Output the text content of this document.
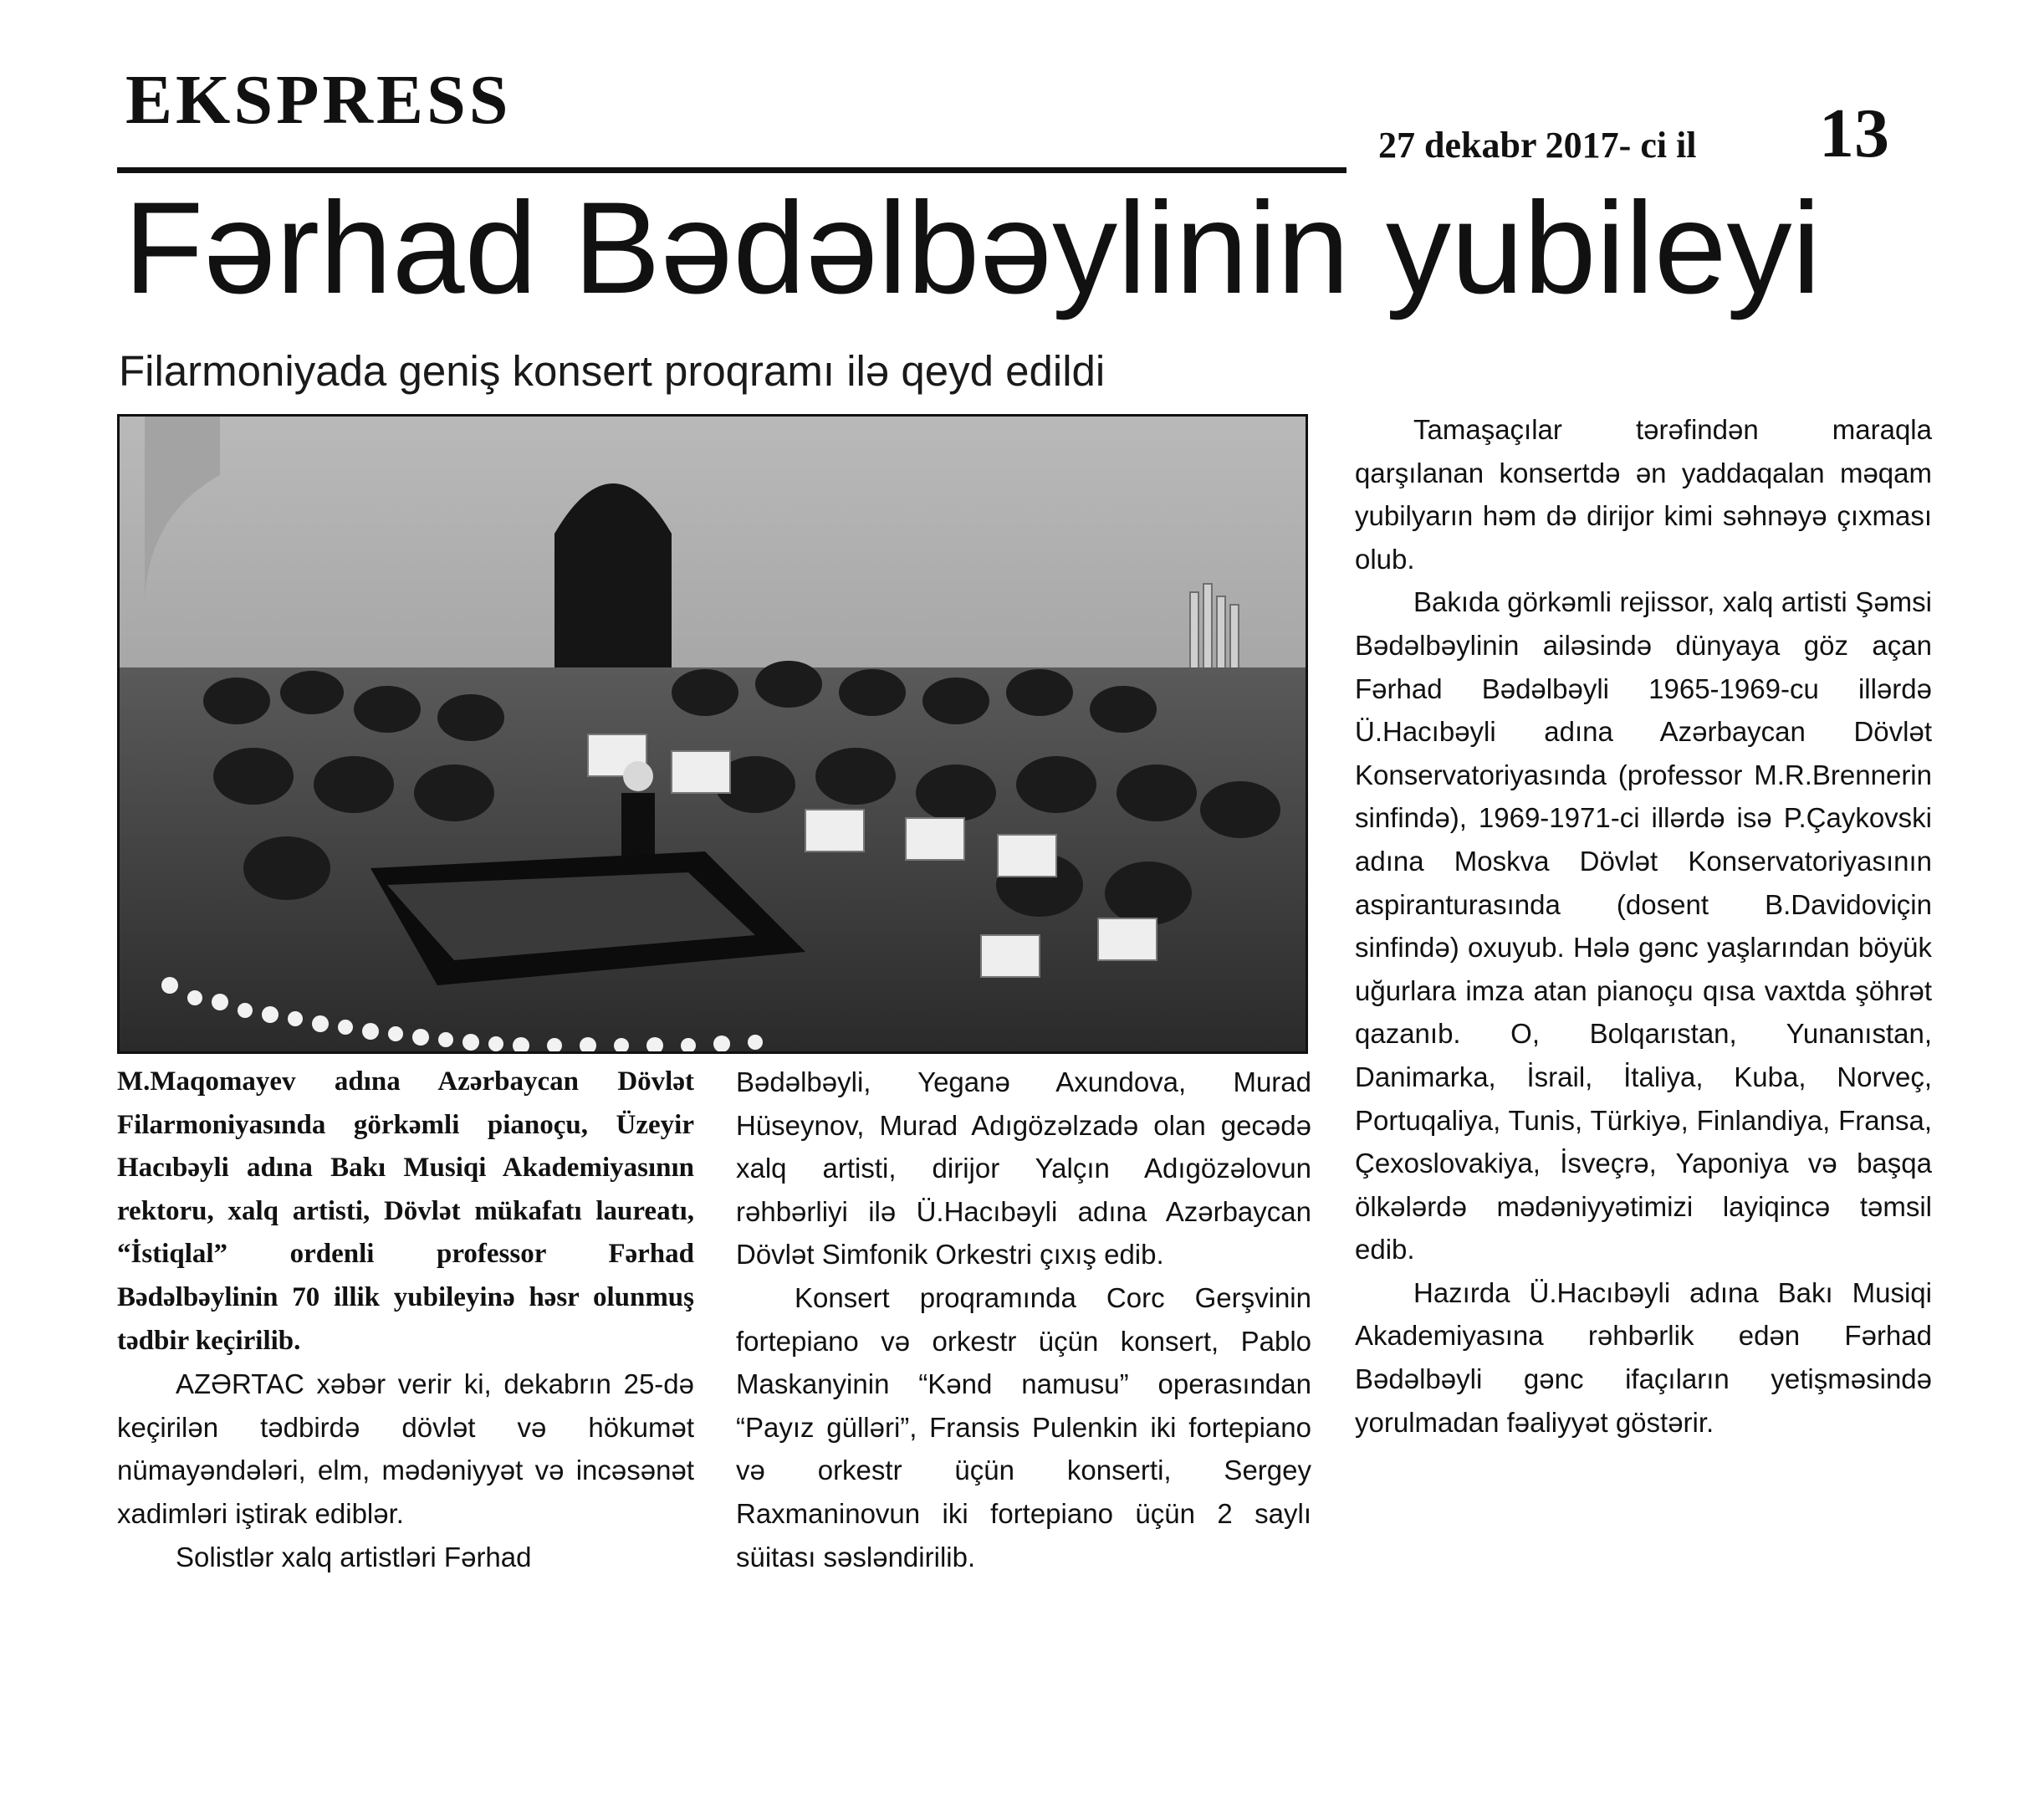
EKSPRESS
27 dekabr 2017- ci il 13
Fərhad Bədəlbəylinin yubileyi
Filarmoniyada geniş konsert proqramı ilə qeyd edildi

M.Maqomayev adına Azərbaycan Dövlət Filarmoniyasında görkəmli pianoçu, Üzeyir Hacıbəyli adına Bakı Musiqi Akademiyasının rektoru, xalq artisti, Dövlət mükafatı laureatı, “İstiqlal” ordenli professor Fərhad Bədəlbəylinin 70 illik yubileyinə həsr olunmuş tədbir keçirilib.

AZƏRTAC xəbər verir ki, dekabrın 25-də keçirilən tədbirdə dövlət və hökumət nümayəndələri, elm, mədəniyyət və incəsənət xadimləri iştirak ediblər.

Solistlər xalq artistləri Fərhad

Bədəlbəyli, Yeganə Axundova, Murad Hüseynov, Murad Adıgözəlzadə olan gecədə xalq artisti, dirijor Yalçın Adıgözəlovun rəhbərliyi ilə Ü.Hacıbəyli adına Azərbaycan Dövlət Simfonik Orkestri çıxış edib.

Konsert proqramında Corc Gerşvinin fortepiano və orkestr üçün konsert, Pablo Maskanyinin “Kənd namusu” operasından “Payız gülləri”, Fransis Pulenkin iki fortepiano və orkestr üçün konserti, Sergey Raxmaninovun iki fortepiano üçün 2 saylı süitası səsləndirilib.

Tamaşaçılar tərəfindən maraqla qarşılanan konsertdə ən yaddaqalan məqam yubilyarın həm də dirijor kimi səhnəyə çıxması olub.

Bakıda görkəmli rejissor, xalq artisti Şəmsi Bədəlbəylinin ailəsində dünyaya göz açan Fərhad Bədəlbəyli 1965-1969-cu illərdə Ü.Hacıbəyli adına Azərbaycan Dövlət Konservatoriyasında (professor M.R.Brennerin sinfində), 1969-1971-ci illərdə isə P.Çaykovski adına Moskva Dövlət Konservatoriyasının aspiranturasında (dosent B.Davidoviçin sinfində) oxuyub. Hələ gənc yaşlarından böyük uğurlara imza atan pianoçu qısa vaxtda şöhrət qazanıb. O, Bolqarıstan, Yunanıstan, Danimarka, İsrail, İtaliya, Kuba, Norveç, Portuqaliya, Tunis, Türkiyə, Finlandiya, Fransa, Çexoslovakiya, İsveçrə, Yaponiya və başqa ölkələrdə mədəniyyətimizi layiqincə təmsil edib.

Hazırda Ü.Hacıbəyli adına Bakı Musiqi Akademiyasına rəhbərlik edən Fərhad Bədəlbəyli gənc ifaçıların yetişməsində yorulmadan fəaliyyət göstərir.
